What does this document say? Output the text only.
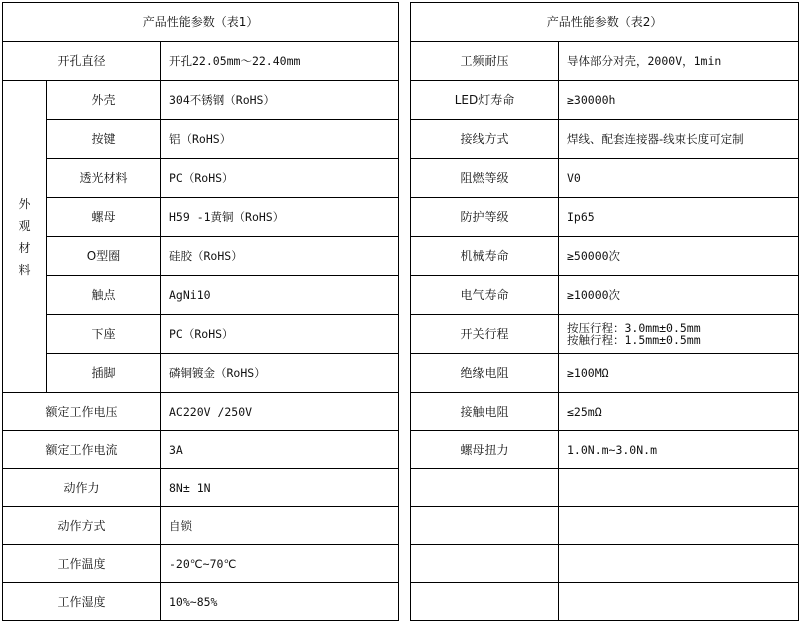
产品性能参数（表1）		
开孔直径		开孔22.05mm～22.40mm

外
观
材
料	外壳	304不锈钢（RoHS）
	按键	铝（RoHS）
	透光材料	PC（RoHS）
	螺母	H59 -1黄铜（RoHS）
	O型圈	硅胶（RoHS）
	触点	AgNi10
	下座	PC（RoHS）
	插脚	磷铜镀金（RoHS）
额定工作电压		AC220V /250V
额定工作电流		3A
动作力		8N± 1N
动作方式		自锁
工作温度		-20℃~70℃
工作湿度		10%~85%
产品性能参数（表2）	
工频耐压	导体部分对壳，2000V，1min
LED灯寿命	≥30000h
接线方式	焊线、配套连接器-线束长度可定制
阻燃等级	V0
防护等级	Ip65
机械寿命	≥50000次
电气寿命	≥10000次
开关行程	按压行程：3.0mm±0.5mm
按触行程：1.5mm±0.5mm

绝缘电阻	≥100MΩ
接触电阻	≤25mΩ
螺母扭力	1.0N.m~3.0N.m
